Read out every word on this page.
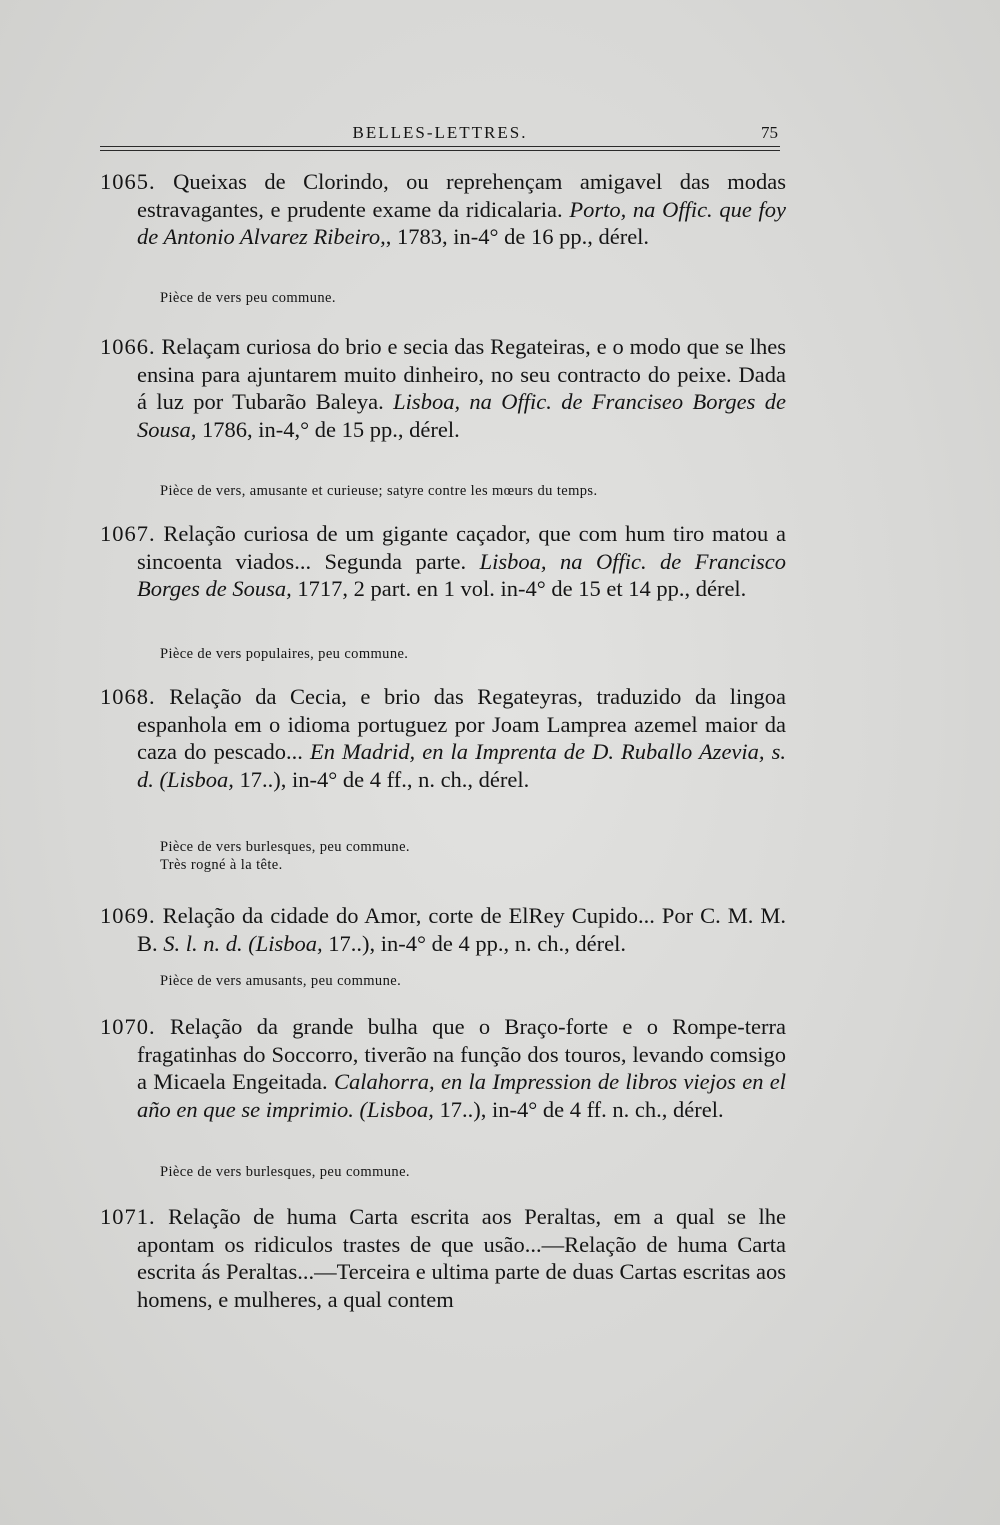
BELLES-LETTRES.	75
1065. Queixas de Clorindo, ou reprehençam amigavel das modas estravagantes, e prudente exame da ridicalaria. Porto, na Offic. que foy de Antonio Alvarez Ribeiro,, 1783, in-4° de 16 pp., dérel.
Pièce de vers peu commune.
1066. Relaçam curiosa do brio e secia das Regateiras, e o modo que se lhes ensina para ajuntarem muito dinheiro, no seu contracto do peixe. Dada á luz por Tubarão Baleya. Lisboa, na Offic. de Franciseo Borges de Sousa, 1786, in-4,° de 15 pp., dérel.
Pièce de vers, amusante et curieuse; satyre contre les mœurs du temps.
1067. Relação curiosa de um gigante caçador, que com hum tiro matou a sincoenta viados... Segunda parte. Lisboa, na Offic. de Francisco Borges de Sousa, 1717, 2 part. en 1 vol. in-4° de 15 et 14 pp., dérel.
Pièce de vers populaires, peu commune.
1068. Relação da Cecia, e brio das Regateyras, traduzido da lingoa espanhola em o idioma portuguez por Joam Lamprea azemel maior da caza do pescado... En Madrid, en la Imprenta de D. Ruballo Azevia, s. d. (Lisboa, 17..), in-4° de 4 ff., n. ch., dérel.
Pièce de vers burlesques, peu commune.
Très rogné à la tête.
1069. Relação da cidade do Amor, corte de ElRey Cupido... Por C. M. M. B. S. l. n. d. (Lisboa, 17..), in-4° de 4 pp., n. ch., dérel.
Pièce de vers amusants, peu commune.
1070. Relação da grande bulha que o Braço-forte e o Rompe-terra fragatinhas do Soccorro, tiverão na função dos touros, levando comsigo a Micaela Engeitada. Calahorra, en la Impression de libros viejos en el año en que se imprimio. (Lisboa, 17..), in-4° de 4 ff. n. ch., dérel.
Pièce de vers burlesques, peu commune.
1071. Relação de huma Carta escrita aos Peraltas, em a qual se lhe apontam os ridiculos trastes de que usão...—Relação de huma Carta escrita ás Peraltas...—Terceira e ultima parte de duas Cartas escritas aos homens, e mulheres, a qual contem
